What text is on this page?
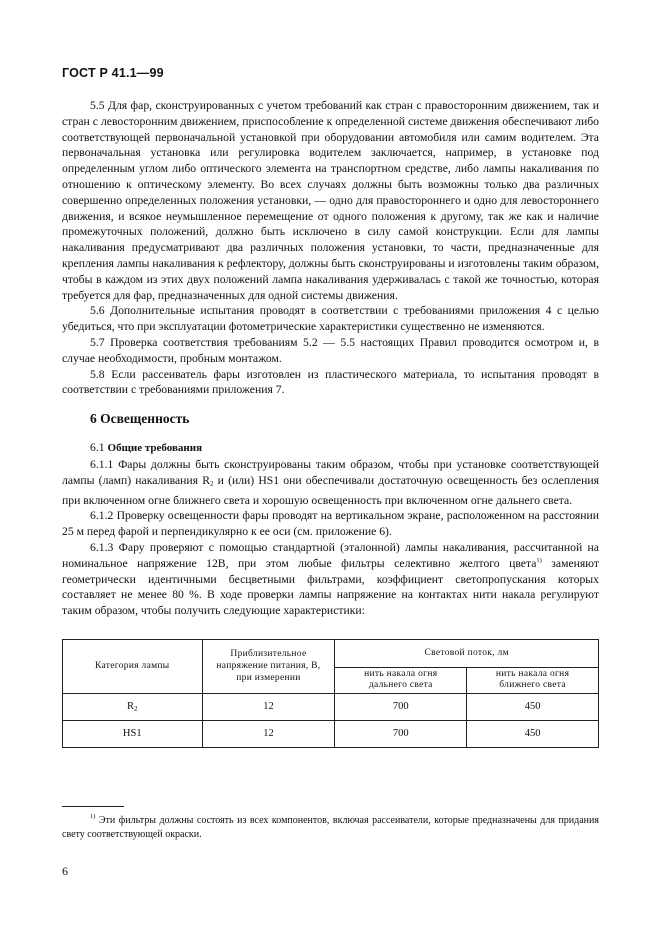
ГОСТ Р 41.1—99

5.5 Для фар, сконструированных с учетом требований как стран с правосторонним движением, так и стран с левосторонним движением, приспособление к определенной системе движения обеспечивают либо соответствующей первоначальной установкой при оборудовании автомобиля или самим водителем. Эта первоначальная установка или регулировка водителем заключается, например, в установке под определенным углом либо оптического элемента на транспортном средстве, либо лампы накаливания по отношению к оптическому элементу. Во всех случаях должны быть возможны только два различных совершенно определенных положения установки, — одно для правостороннего и одно для левостороннего движения, и всякое неумышленное перемещение от одного положения к другому, так же как и наличие промежуточных положений, должно быть исключено в силу самой конструкции. Если для лампы накаливания предусматривают два различных положения установки, то части, предназначенные для крепления лампы накаливания к рефлектору, должны быть сконструированы и изготовлены таким образом, чтобы в каждом из этих двух положений лампа накаливания удерживалась с такой же точностью, которая требуется для фар, предназначенных для одной системы движения.

5.6 Дополнительные испытания проводят в соответствии с требованиями приложения 4 с целью убедиться, что при эксплуатации фотометрические характеристики существенно не изменяются.

5.7 Проверка соответствия требованиям 5.2 — 5.5 настоящих Правил проводится осмотром и, в случае необходимости, пробным монтажом.

5.8 Если рассеиватель фары изготовлен из пластического материала, то испытания проводят в соответствии с требованиями приложения 7.

6 Освещенность

6.1 Общие требования

6.1.1 Фары должны быть сконструированы таким образом, чтобы при установке соответствующей лампы (ламп) накаливания $R_2$ и (или) HS1 они обеспечивали достаточную освещенность без ослепления при включенном огне ближнего света и хорошую освещенность при включенном огне дальнего света.

6.1.2 Проверку освещенности фары проводят на вертикальном экране, расположенном на расстоянии 25 м перед фарой и перпендикулярно к ее оси (см. приложение 6).

6.1.3 Фару проверяют с помощью стандартной (эталонной) лампы накаливания, рассчитанной на номинальное напряжение 12В, при этом любые фильтры селективно желтого цвета$^{1)}$ заменяют геометрически идентичными бесцветными фильтрами, коэффициент светопропускания которых составляет не менее 80 %. В ходе проверки лампы напряжение на контактах нити накала регулируют таким образом, чтобы получить следующие характеристики:

Категория лампы	Приблизительное напряжение питания, В, при измерении	Световой поток, лм	
		нить накала огня дальнего света	нить накала огня ближнего света
$R_2$	12	700	450
HS1	12	700	450
$^{1)}$ Эти фильтры должны состоять из всех компонентов, включая рассеиватели, которые предназначены для придания свету соответствующей окраски.
6
